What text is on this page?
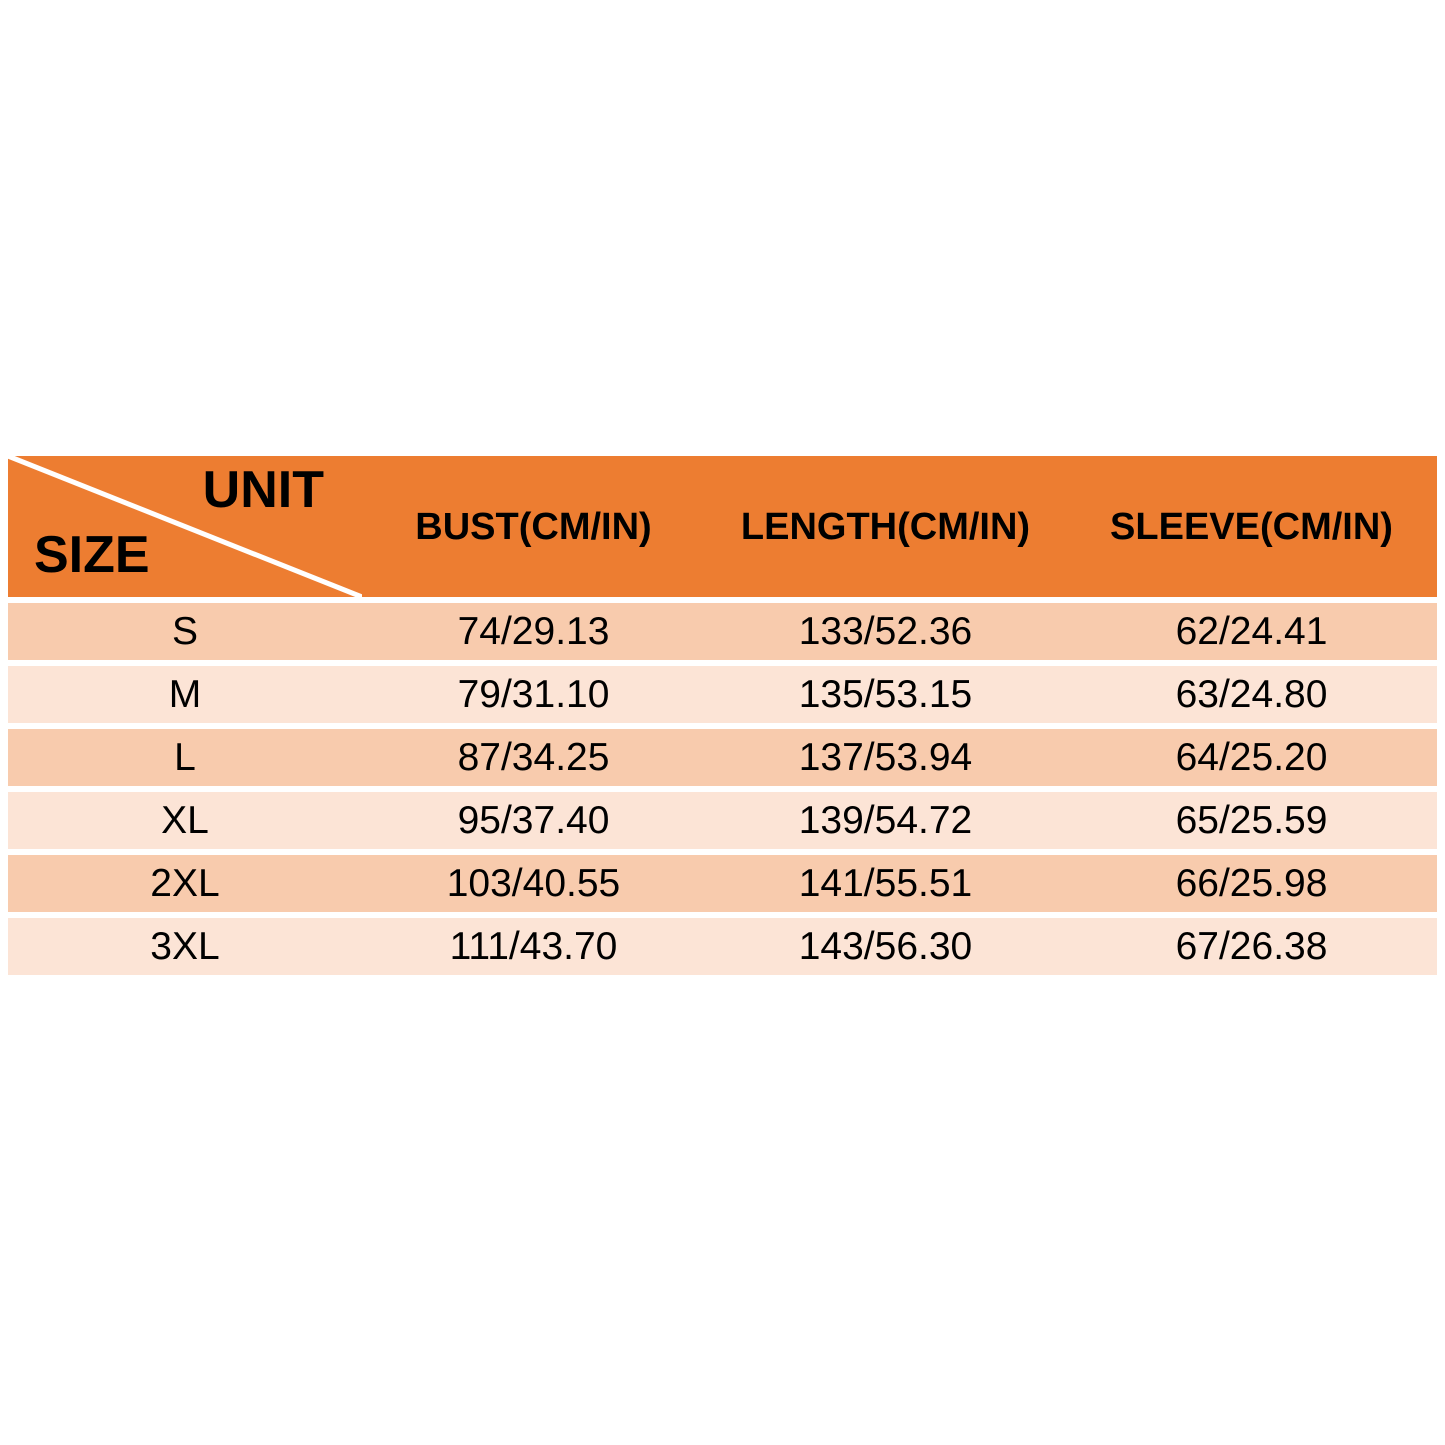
UNIT
SIZE	BUST(CM/IN)	LENGTH(CM/IN)	SLEEVE(CM/IN)
S	74/29.13	133/52.36	62/24.41
M	79/31.10	135/53.15	63/24.80
L	87/34.25	137/53.94	64/25.20
XL	95/37.40	139/54.72	65/25.59
2XL	103/40.55	141/55.51	66/25.98
3XL	111/43.70	143/56.30	67/26.38
